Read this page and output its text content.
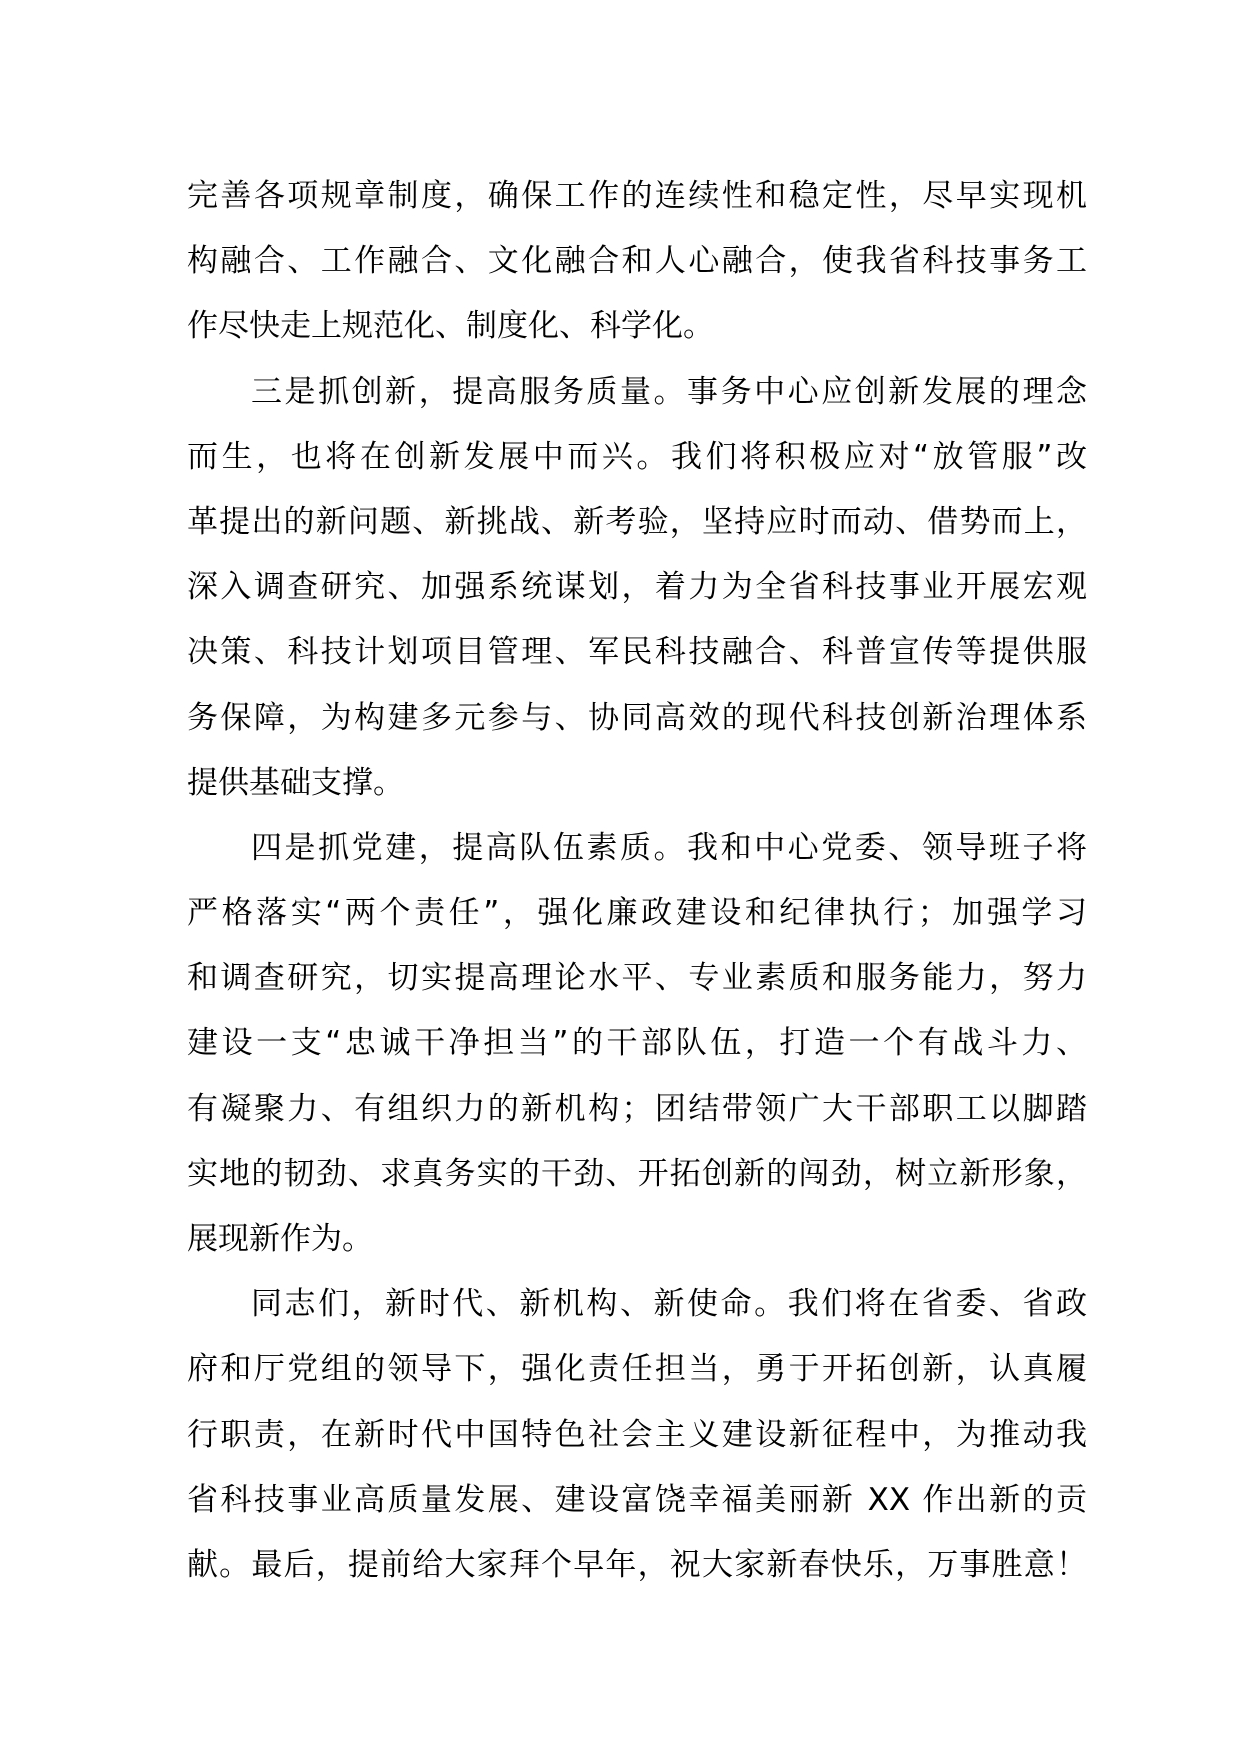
完善各项规章制度，确保工作的连续性和稳定性，尽早实现机
构融合、工作融合、文化融合和人心融合，使我省科技事务工
作尽快走上规范化、制度化、科学化。
三是抓创新，提高服务质量。事务中心应创新发展的理念
而生，也将在创新发展中而兴。我们将积极应对“放管服”改
革提出的新问题、新挑战、新考验，坚持应时而动、借势而上，
深入调查研究、加强系统谋划，着力为全省科技事业开展宏观
决策、科技计划项目管理、军民科技融合、科普宣传等提供服
务保障，为构建多元参与、协同高效的现代科技创新治理体系
提供基础支撑。
四是抓党建，提高队伍素质。我和中心党委、领导班子将
严格落实“两个责任”，强化廉政建设和纪律执行；加强学习
和调查研究，切实提高理论水平、专业素质和服务能力，努力
建设一支“忠诚干净担当”的干部队伍，打造一个有战斗力、
有凝聚力、有组织力的新机构；团结带领广大干部职工以脚踏
实地的韧劲、求真务实的干劲、开拓创新的闯劲，树立新形象，
展现新作为。
同志们，新时代、新机构、新使命。我们将在省委、省政
府和厅党组的领导下，强化责任担当，勇于开拓创新，认真履
行职责，在新时代中国特色社会主义建设新征程中，为推动我
省科技事业高质量发展、建设富饶幸福美丽新 XX 作出新的贡
献。最后，提前给大家拜个早年，祝大家新春快乐，万事胜意！
